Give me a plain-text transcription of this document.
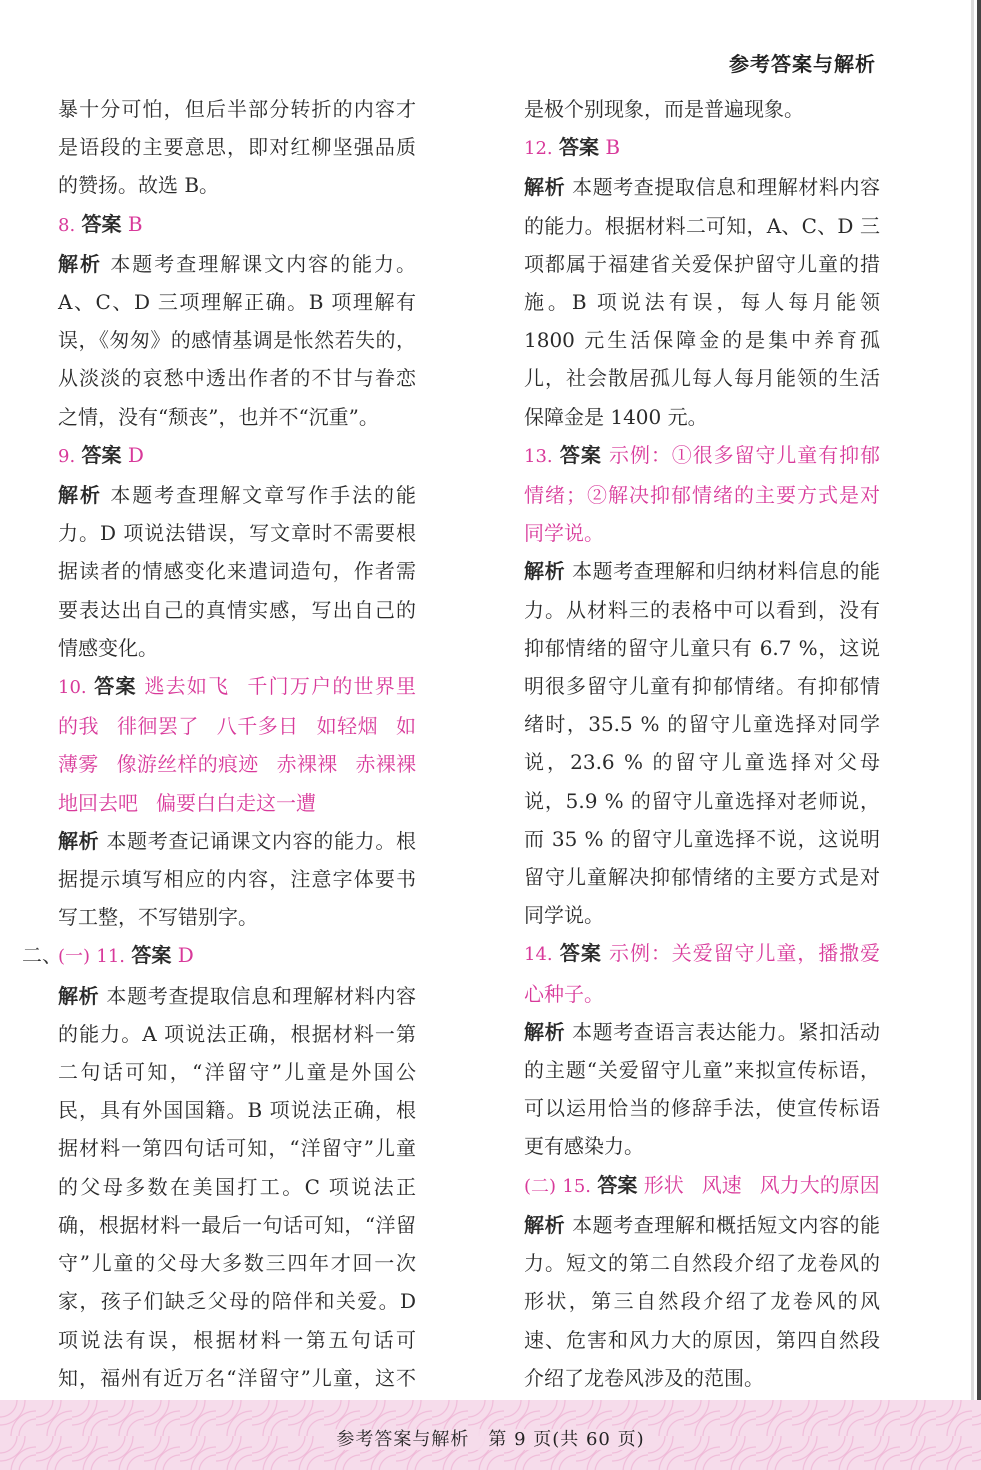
参考答案与解析

暴十分可怕，但后半部分转折的内容才是语段的主要意思，即对红柳坚强品质的赞扬。故选 B。

8. 答案 B

解析 本题考查理解课文内容的能力。A、C、D 三项理解正确。B 项理解有误，《匆匆》的感情基调是怅然若失的，从淡淡的哀愁中透出作者的不甘与眷恋之情，没有“颓丧”，也并不“沉重”。

9. 答案 D

解析 本题考查理解文章写作手法的能力。D 项说法错误，写文章时不需要根据读者的情感变化来遣词造句，作者需要表达出自己的真情实感，写出自己的情感变化。

10. 答案 逃去如飞 千门万户的世界里的我 徘徊罢了 八千多日 如轻烟 如薄雾 像游丝样的痕迹 赤裸裸 赤裸裸地回去吧 偏要白白走这一遭

解析 本题考查记诵课文内容的能力。根据提示填写相应的内容，注意字体要书写工整，不写错别字。

二、
(一) 11. 答案 D

解析 本题考查提取信息和理解材料内容的能力。A 项说法正确，根据材料一第二句话可知，“洋留守”儿童是外国公民，具有外国国籍。B 项说法正确，根据材料一第四句话可知，“洋留守”儿童的父母多数在美国打工。C 项说法正确，根据材料一最后一句话可知，“洋留守”儿童的父母大多数三四年才回一次家，孩子们缺乏父母的陪伴和关爱。D 项说法有误，根据材料一第五句话可知，福州有近万名“洋留守”儿童，这不

是极个别现象，而是普遍现象。

12. 答案 B

解析 本题考查提取信息和理解材料内容的能力。根据材料二可知，A、C、D 三项都属于福建省关爱保护留守儿童的措施。B 项说法有误，每人每月能领 1800 元生活保障金的是集中养育孤儿，社会散居孤儿每人每月能领的生活保障金是 1400 元。

13. 答案 示例：①很多留守儿童有抑郁情绪；②解决抑郁情绪的主要方式是对同学说。

解析 本题考查理解和归纳材料信息的能力。从材料三的表格中可以看到，没有抑郁情绪的留守儿童只有 6.7 %，这说明很多留守儿童有抑郁情绪。有抑郁情绪时，35.5 % 的留守儿童选择对同学说，23.6 % 的留守儿童选择对父母说，5.9 % 的留守儿童选择对老师说，而 35 % 的留守儿童选择不说，这说明留守儿童解决抑郁情绪的主要方式是对同学说。

14. 答案 示例：关爱留守儿童，播撒爱心种子。

解析 本题考查语言表达能力。紧扣活动的主题“关爱留守儿童”来拟宣传标语，可以运用恰当的修辞手法，使宣传标语更有感染力。

(二) 15. 答案 形状 风速 风力大的原因

解析 本题考查理解和概括短文内容的能力。短文的第二自然段介绍了龙卷风的形状，第三自然段介绍了龙卷风的风速、危害和风力大的原因，第四自然段介绍了龙卷风涉及的范围。

参考答案与解析　第 9 页(共 60 页)
